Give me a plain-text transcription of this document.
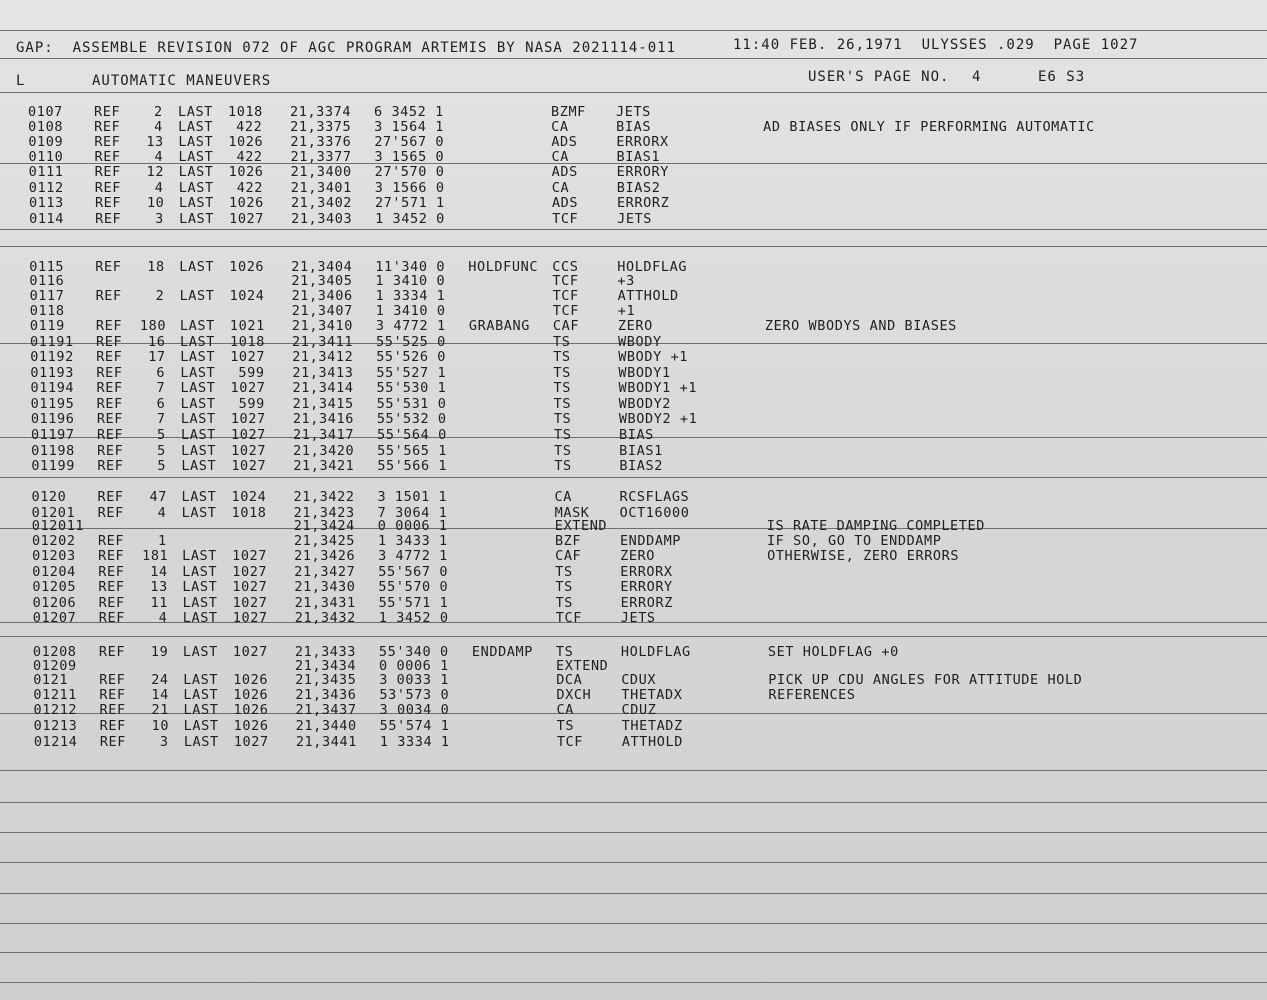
GAP:  ASSEMBLE REVISION 072 OF AGC PROGRAM ARTEMIS BY NASA 2021114-011	11:40 FEB. 26,1971  ULYSSES .029  PAGE 1027
L	AUTOMATIC MANEUVERS	USER'S PAGE NO. 4	E6 S3
0107 REF	2 LAST 1018 21,3374 6 3452 1	BZMF JETS
0108 REF	4 LAST 422 21,3375 3 1564 1	CA	BIAS	AD BIASES ONLY IF PERFORMING AUTOMATIC
0109 REF 13 LAST 1026 21,3376 27'567 0	ADS	ERRORX
0110 REF	4 LAST 422 21,3377 3 1565 0	CA	BIAS1
0111 REF 12 LAST 1026 21,3400 27'570 0	ADS	ERRORY
0112 REF	4 LAST 422 21,3401 3 1566 0	CA	BIAS2
0113 REF 10 LAST 1026 21,3402 27'571 1	ADS	ERRORZ
0114 REF	3 LAST 1027 21,3403 1 3452 0	TCF	JETS
0115 REF 18 LAST 1026 21,3404 11'340 0 HOLDFUNC CCS	HOLDFLAG
0116	21,3405 1 3410 0	TCF	+3
0117 REF	2 LAST 1024 21,3406 1 3334 1	TCF	ATTHOLD
0118	21,3407 1 3410 0	TCF	+1
0119 REF 180 LAST 1021 21,3410 3 4772 1 GRABANG CAF	ZERO	ZERO WBODYS AND BIASES
01191 REF 16 LAST 1018 21,3411 55'525 0	TS	WBODY
01192 REF 17 LAST 1027 21,3412 55'526 0	TS	WBODY +1
01193 REF	6 LAST 599 21,3413 55'527 1	TS	WBODY1
01194 REF	7 LAST 1027 21,3414 55'530 1	TS	WBODY1 +1
01195 REF	6 LAST 599 21,3415 55'531 0	TS	WBODY2
01196 REF	7 LAST 1027 21,3416 55'532 0	TS	WBODY2 +1
01197 REF	5 LAST 1027 21,3417 55'564 0	TS	BIAS
01198 REF	5 LAST 1027 21,3420 55'565 1	TS	BIAS1
01199 REF	5 LAST 1027 21,3421 55'566 1	TS	BIAS2
0120 REF 47 LAST 1024 21,3422 3 1501 1	CA	RCSFLAGS
01201 REF	4 LAST 1018 21,3423 7 3064 1	MASK OCT16000
012011	21,3424 0 0006 1	EXTEND	IS RATE DAMPING COMPLETED
01202 REF	1	21,3425 1 3433 1	BZF	ENDDAMP	IF SO, GO TO ENDDAMP
01203 REF 181 LAST 1027 21,3426 3 4772 1	CAF	ZERO	OTHERWISE, ZERO ERRORS
01204 REF 14 LAST 1027 21,3427 55'567 0	TS	ERRORX
01205 REF 13 LAST 1027 21,3430 55'570 0	TS	ERRORY
01206 REF 11 LAST 1027 21,3431 55'571 1	TS	ERRORZ
01207 REF	4 LAST 1027 21,3432 1 3452 0	TCF	JETS
01208 REF 19 LAST 1027 21,3433 55'340 0 ENDDAMP TS	HOLDFLAG	SET HOLDFLAG +0
01209	21,3434 0 0006 1	EXTEND
0121 REF 24 LAST 1026 21,3435 3 0033 1	DCA	CDUX	PICK UP CDU ANGLES FOR ATTITUDE HOLD
01211 REF 14 LAST 1026 21,3436 53'573 0	DXCH THETADX	REFERENCES
01212 REF 21 LAST 1026 21,3437 3 0034 0	CA	CDUZ
01213 REF 10 LAST 1026 21,3440 55'574 1	TS	THETADZ
01214 REF	3 LAST 1027 21,3441 1 3334 1	TCF	ATTHOLD
